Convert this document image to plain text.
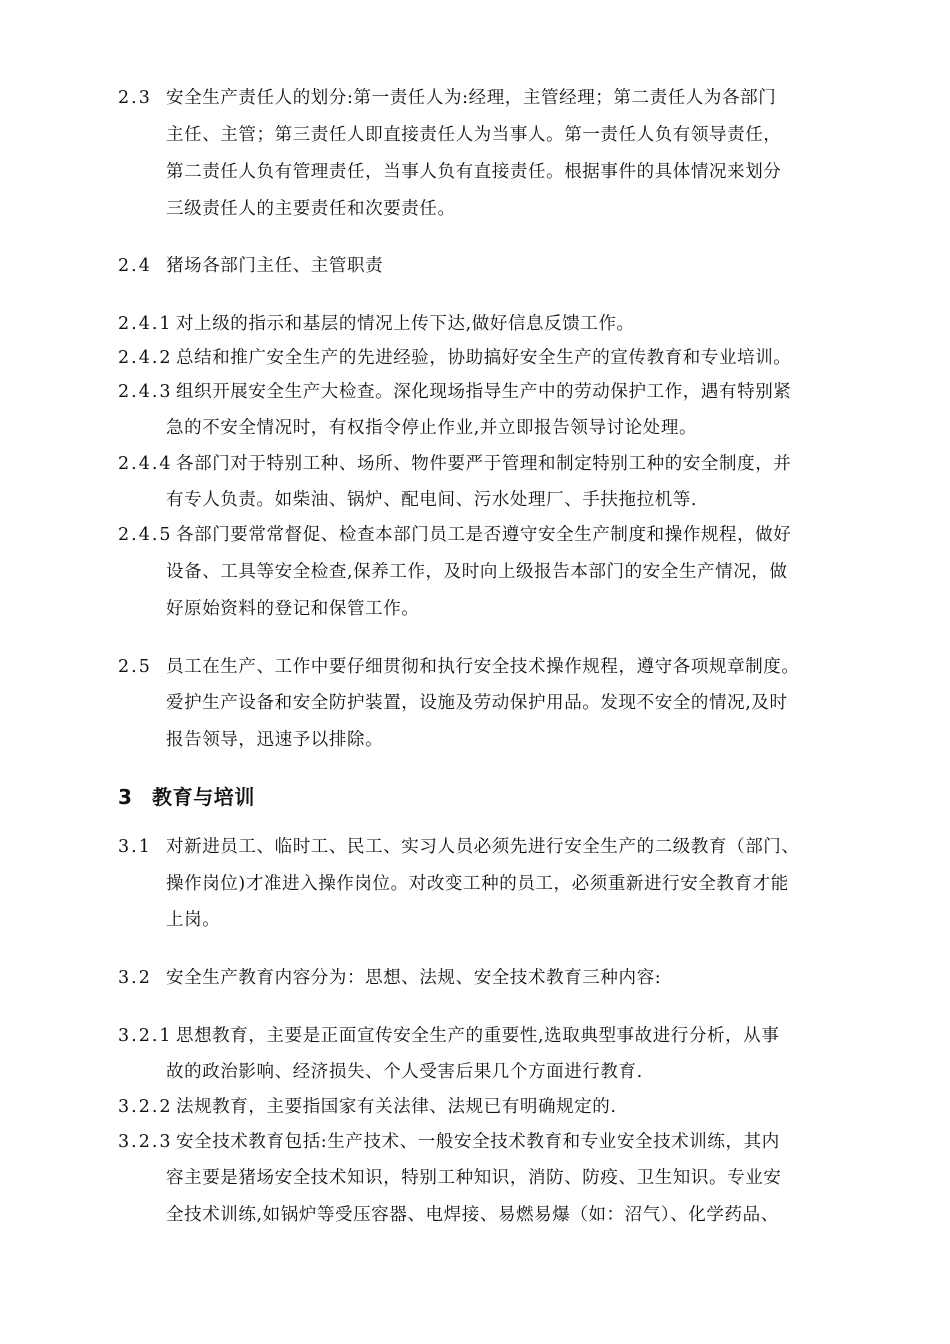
2.3 安全生产责任人的划分:第一责任人为:经理，主管经理；第二责任人为各部门
主任、主管；第三责任人即直接责任人为当事人。第一责任人负有领导责任，
第二责任人负有管理责任，当事人负有直接责任。根据事件的具体情况来划分
三级责任人的主要责任和次要责任。
2.4 猪场各部门主任、主管职责
2.4.1 对上级的指示和基层的情况上传下达,做好信息反馈工作。
2.4.2 总结和推广安全生产的先进经验，协助搞好安全生产的宣传教育和专业培训。
2.4.3 组织开展安全生产大检查。深化现场指导生产中的劳动保护工作，遇有特别紧
急的不安全情况时，有权指令停止作业,并立即报告领导讨论处理。
2.4.4 各部门对于特别工种、场所、物件要严于管理和制定特别工种的安全制度，并
有专人负责。如柴油、锅炉、配电间、污水处理厂、手扶拖拉机等.
2.4.5 各部门要常常督促、检查本部门员工是否遵守安全生产制度和操作规程，做好
设备、工具等安全检查,保养工作，及时向上级报告本部门的安全生产情况，做
好原始资料的登记和保管工作。
2.5 员工在生产、工作中要仔细贯彻和执行安全技术操作规程，遵守各项规章制度。
爱护生产设备和安全防护装置，设施及劳动保护用品。发现不安全的情况,及时
报告领导，迅速予以排除。
3 教育与培训
3.1 对新进员工、临时工、民工、实习人员必须先进行安全生产的二级教育（部门、
操作岗位)才准进入操作岗位。对改变工种的员工，必须重新进行安全教育才能
上岗。
3.2 安全生产教育内容分为：思想、法规、安全技术教育三种内容:
3.2.1 思想教育，主要是正面宣传安全生产的重要性,选取典型事故进行分析，从事
故的政治影响、经济损失、个人受害后果几个方面进行教育.
3.2.2 法规教育，主要指国家有关法律、法规已有明确规定的.
3.2.3 安全技术教育包括:生产技术、一般安全技术教育和专业安全技术训练，其内
容主要是猪场安全技术知识，特别工种知识，消防、防疫、卫生知识。专业安
全技术训练,如锅炉等受压容器、电焊接、易燃易爆（如：沼气）、化学药品、
